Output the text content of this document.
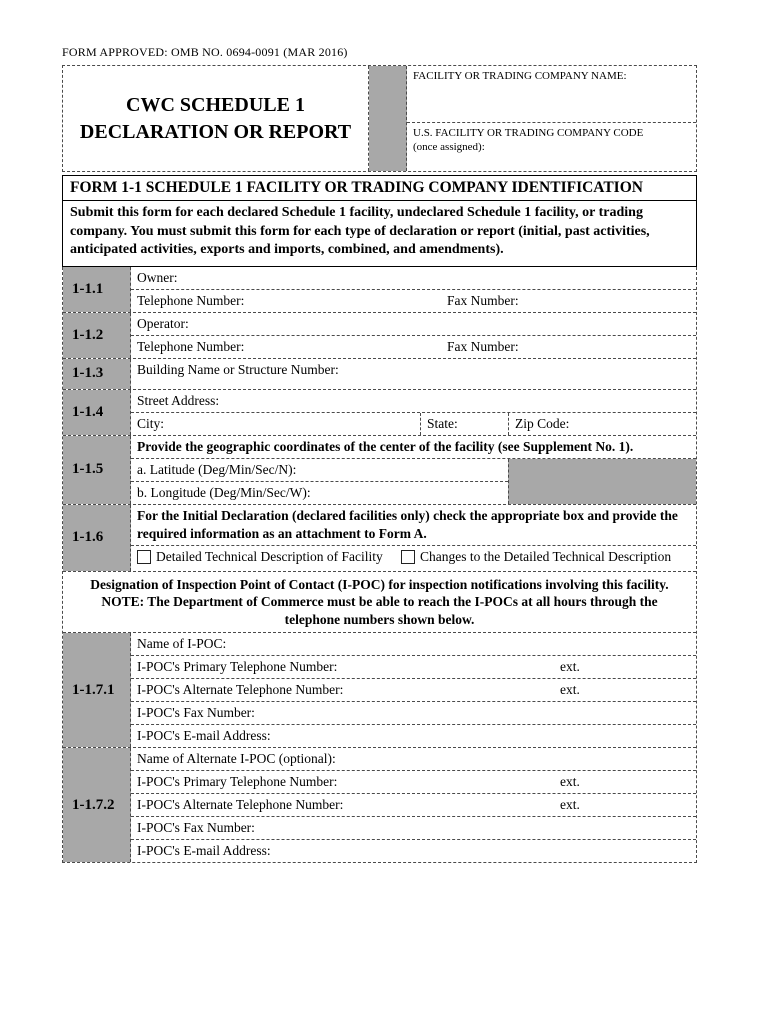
FORM APPROVED: OMB NO. 0694-0091 (MAR 2016)
CWC SCHEDULE 1
DECLARATION OR REPORT
FACILITY OR TRADING COMPANY NAME:
U.S. FACILITY OR TRADING COMPANY CODE
(once assigned):
FORM 1-1 SCHEDULE 1 FACILITY OR TRADING COMPANY IDENTIFICATION
Submit this form for each declared Schedule 1 facility, undeclared Schedule 1 facility, or trading company. You must submit this form for each type of declaration or report (initial, past activities, anticipated activities, exports and imports, combined, and amendments).
1-1.1
Owner:
Telephone Number:	Fax Number:
1-1.2
Operator:
Telephone Number:	Fax Number:
1-1.3	Building Name or Structure Number:
1-1.4
Street Address:
City:	State:	Zip Code:
1-1.5
Provide the geographic coordinates of the center of the facility (see Supplement No. 1).
a. Latitude (Deg/Min/Sec/N):
b. Longitude (Deg/Min/Sec/W):
1-1.6
For the Initial Declaration (declared facilities only) check the appropriate box and provide the required information as an attachment to Form A.
Detailed Technical Description of Facility	Changes to the Detailed Technical Description
Designation of Inspection Point of Contact (I-POC) for inspection notifications involving this facility.
NOTE: The Department of Commerce must be able to reach the I-POCs at all hours through the
telephone numbers shown below.
1-1.7.1
Name of I-POC:
I-POC's Primary Telephone Number:	ext.
I-POC's Alternate Telephone Number:	ext.
I-POC's Fax Number:
I-POC's E-mail Address:
1-1.7.2
Name of Alternate I-POC (optional):
I-POC's Primary Telephone Number:	ext.
I-POC's Alternate Telephone Number:	ext.
I-POC's Fax Number:
I-POC's E-mail Address:
